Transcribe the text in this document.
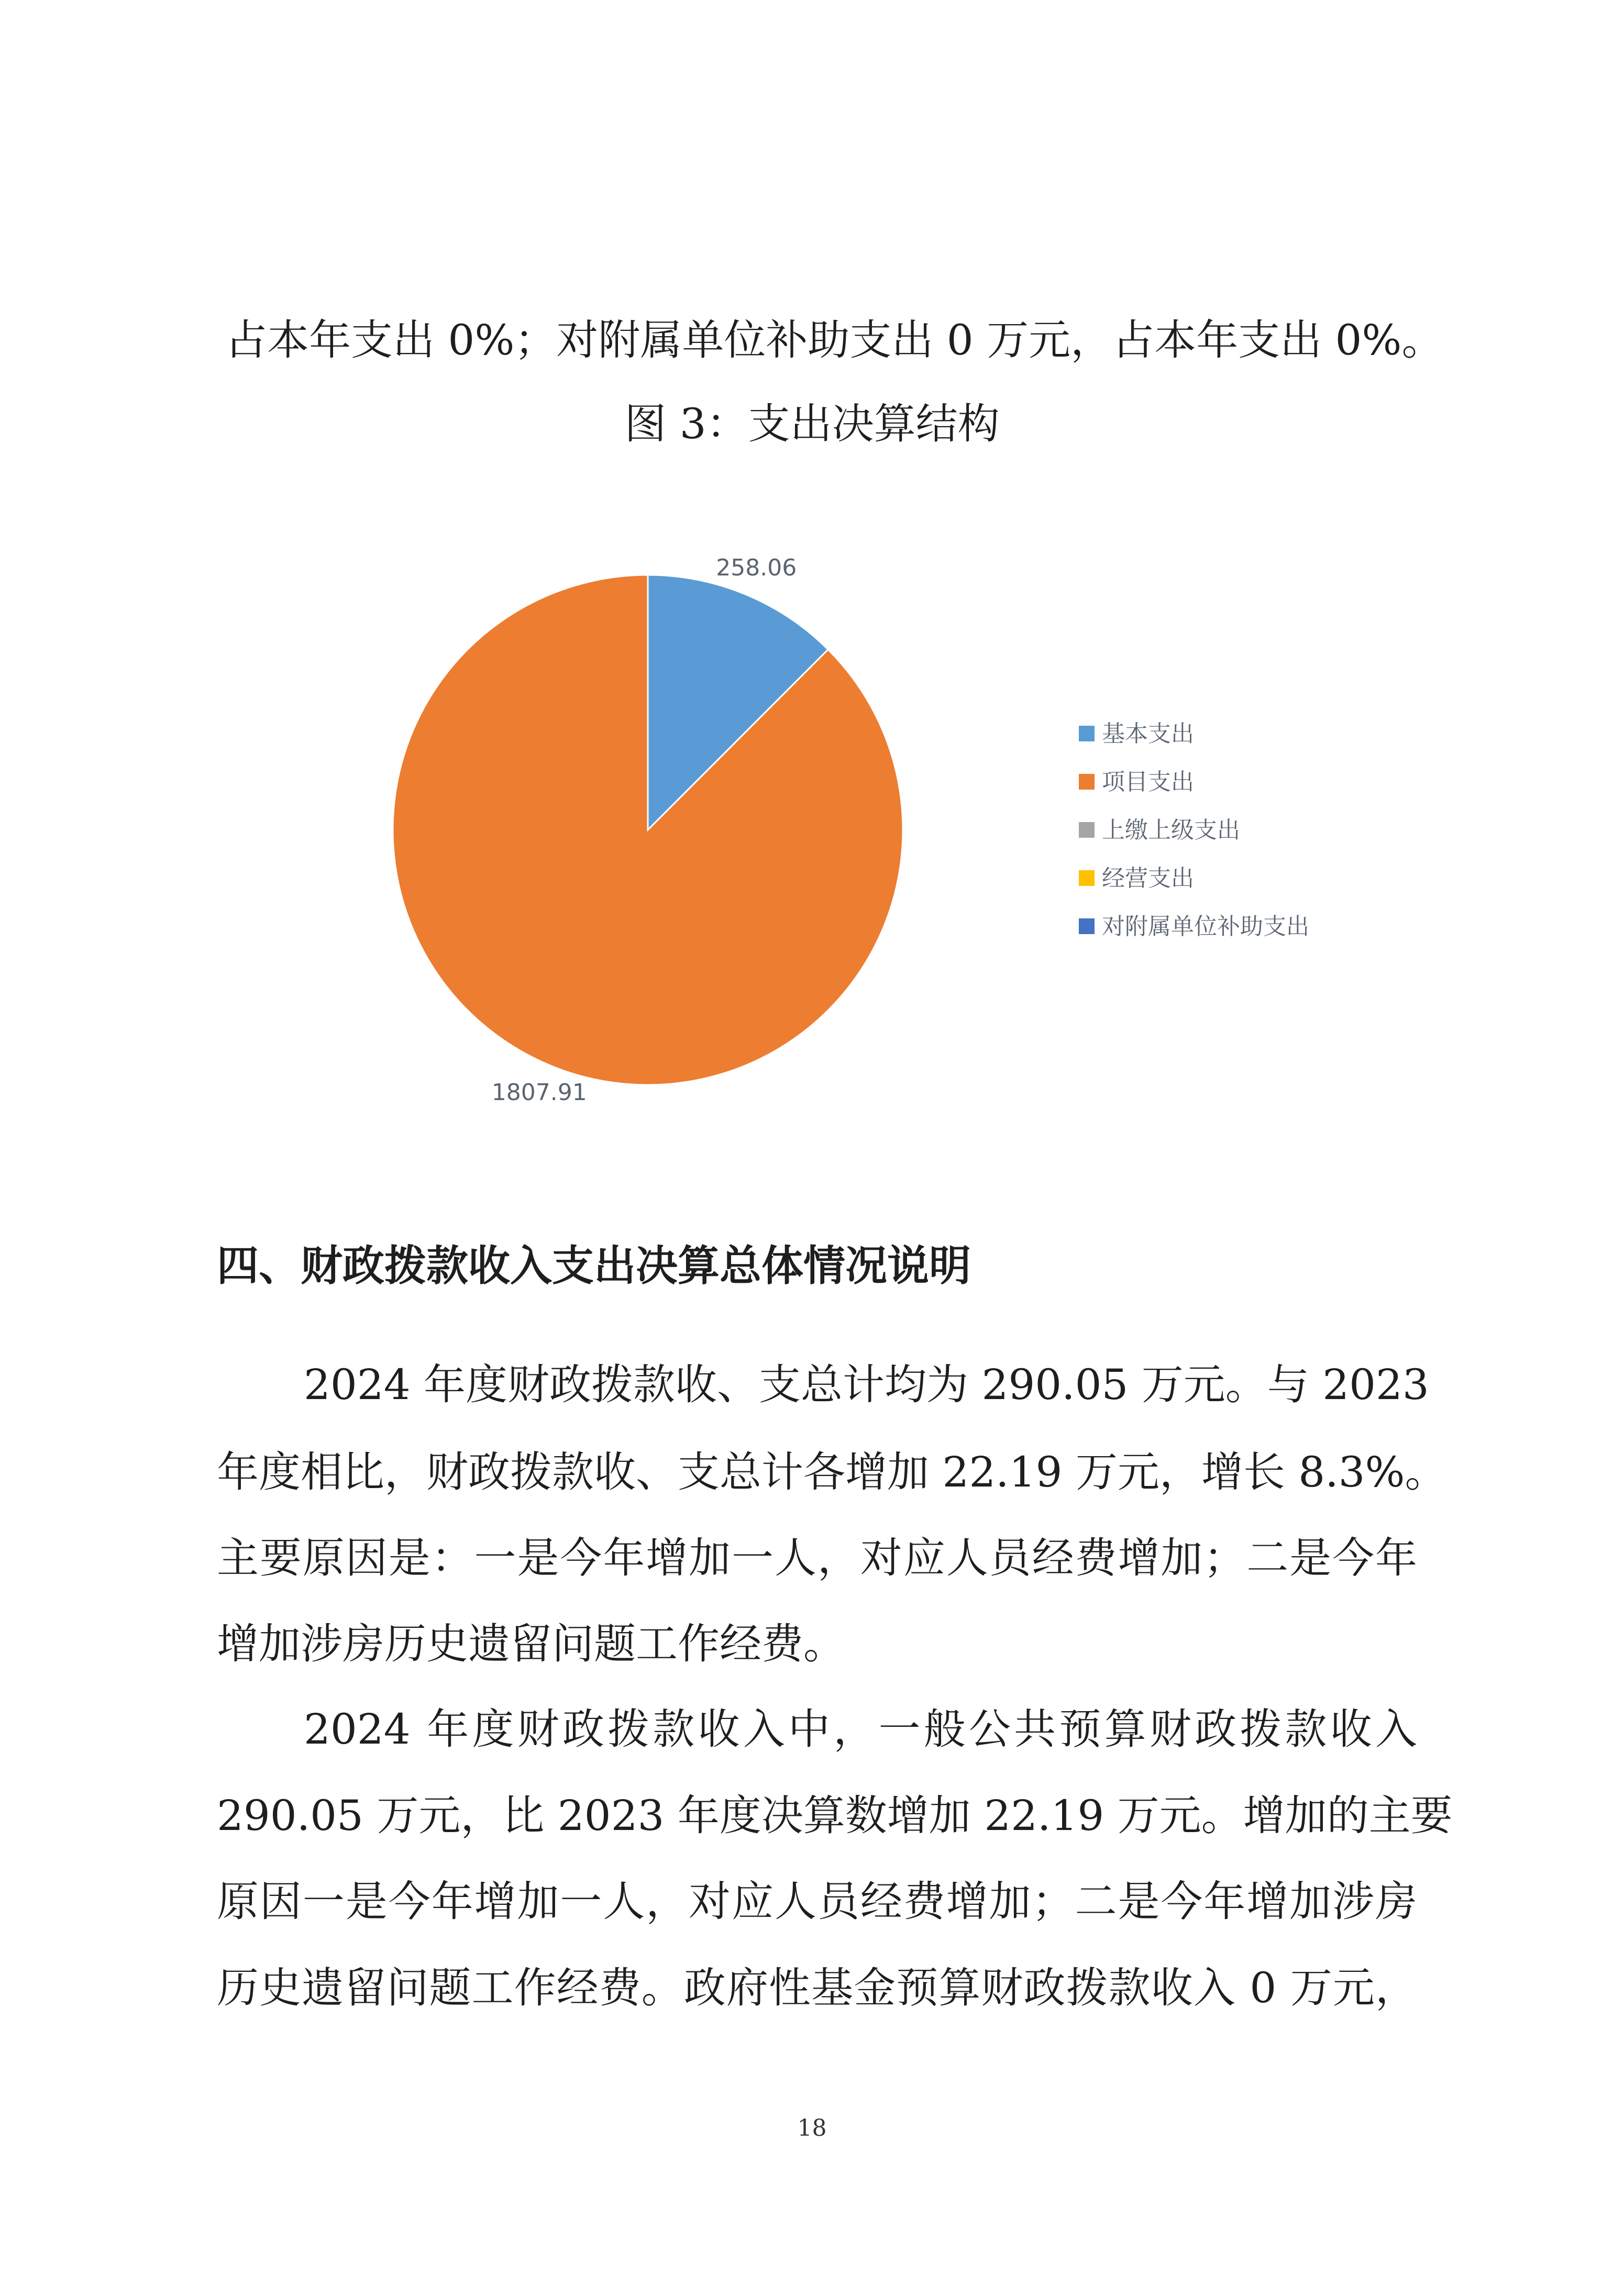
占本年支出 0%；对附属单位补助支出 0 万元，占本年支出 0%。
图 3：支出决算结构
258.06
1807.91
基本支出
项目支出
上缴上级支出
经营支出
对附属单位补助支出
四、财政拨款收入支出决算总体情况说明
2024 年度财政拨款收、支总计均为 290.05 万元。与 2023
年度相比，财政拨款收、支总计各增加 22.19 万元，增长 8.3%。
主要原因是：一是今年增加一人，对应人员经费增加；二是今年
增加涉房历史遗留问题工作经费。
2024 年度财政拨款收入中，一般公共预算财政拨款收入
290.05 万元，比 2023 年度决算数增加 22.19 万元。增加的主要
原因一是今年增加一人，对应人员经费增加；二是今年增加涉房
历史遗留问题工作经费。政府性基金预算财政拨款收入 0 万元，
18
